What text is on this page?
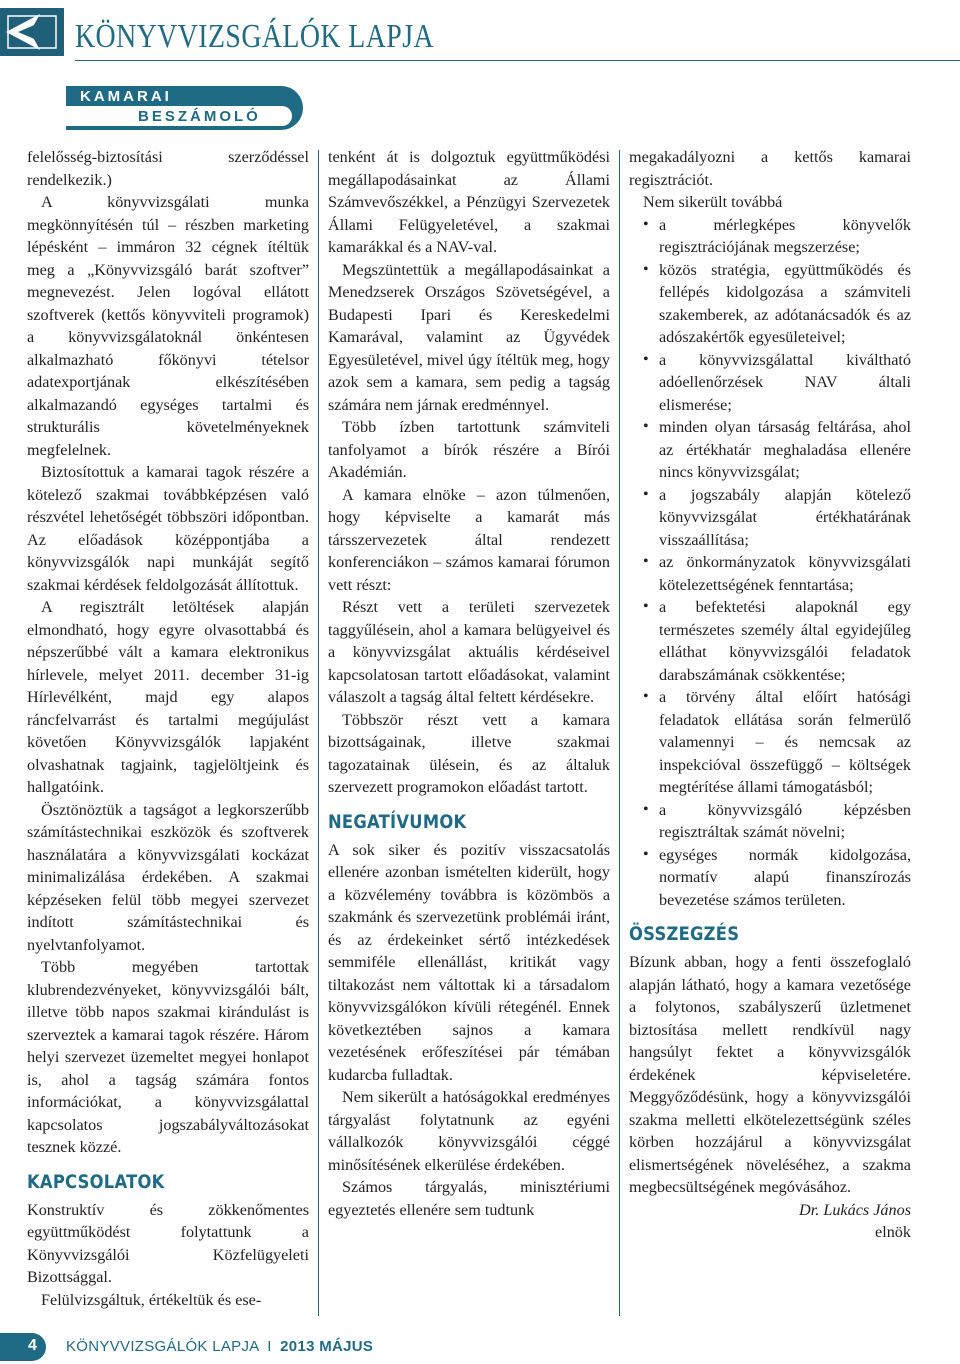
KÖNYVVIZSGÁLÓK LAPJA
KAMARAI
BESZÁMOLÓ

felelősség-biztosítási szerződéssel rendelkezik.)

A könyvvizsgálati munka megkönnyítésén túl – részben marketing lépésként – immáron 32 cégnek ítéltük meg a „Könyvvizsgáló barát szoftver” megnevezést. Jelen logóval ellátott szoftverek (kettős könyvviteli programok) a könyvvizsgálatoknál önkéntesen alkalmazható főkönyvi tételsor adatexportjának elkészítésében alkalmazandó egységes tartalmi és strukturális követelményeknek megfelelnek.

Biztosítottuk a kamarai tagok részére a kötelező szakmai továbbképzésen való részvétel lehetőségét többszöri időpontban. Az előadások középpontjába a könyvvizsgálók napi munkáját segítő szakmai kérdések feldolgozását állítottuk.

A regisztrált letöltések alapján elmondható, hogy egyre olvasottabbá és népszerűbbé vált a kamara elektronikus hírlevele, melyet 2011. december 31-ig Hírlevélként, majd egy alapos ráncfelvarrást és tartalmi megújulást követően Könyvvizsgálók lapjaként olvashatnak tagjaink, tagjelöltjeink és hallgatóink.

Ösztönöztük a tagságot a legkorszerűbb számítástechnikai eszközök és szoftverek használatára a könyvvizsgálati kockázat minimalizálása érdekében. A szakmai képzéseken felül több megyei szervezet indított számítástechnikai és nyelvtanfolyamot.

Több megyében tartottak klubrendezvényeket, könyvvizsgálói bált, illetve több napos szakmai kirándulást is szerveztek a kamarai tagok részére. Három helyi szervezet üzemeltet megyei honlapot is, ahol a tagság számára fontos információkat, a könyvvizsgálattal kapcsolatos jogszabályváltozásokat tesznek közzé.

KAPCSOLATOK

Konstruktív és zökkenőmentes együttműködést folytattunk a Könyvvizsgálói Közfelügyeleti Bizottsággal.

Felülvizsgáltuk, értékeltük és ese-

tenként át is dolgoztuk együttműködési megállapodásainkat az Állami Számvevőszékkel, a Pénzügyi Szervezetek Állami Felügyeletével, a szakmai kamarákkal és a NAV-val.

Megszüntettük a megállapodásainkat a Menedzserek Országos Szövetségével, a Budapesti Ipari és Kereskedelmi Kamarával, valamint az Ügyvédek Egyesületével, mivel úgy ítéltük meg, hogy azok sem a kamara, sem pedig a tagság számára nem járnak eredménnyel.

Több ízben tartottunk számviteli tanfolyamot a bírók részére a Bírói Akadémián.

A kamara elnöke – azon túlmenően, hogy képviselte a kamarát más társszervezetek által rendezett konferenciákon – számos kamarai fórumon vett részt:

Részt vett a területi szervezetek taggyűlésein, ahol a kamara belügyeivel és a könyvvizsgálat aktuális kérdéseivel kapcsolatosan tartott előadásokat, valamint válaszolt a tagság által feltett kérdésekre.

Többször részt vett a kamara bizottságainak, illetve szakmai tagozatainak ülésein, és az általuk szervezett programokon előadást tartott.

NEGATÍVUMOK

A sok siker és pozitív visszacsatolás ellenére azonban ismételten kiderült, hogy a közvélemény továbbra is közömbös a szakmánk és szervezetünk problémái iránt, és az érdekeinket sértő intézkedések semmiféle ellenállást, kritikát vagy tiltakozást nem váltottak ki a társadalom könyvvizsgálókon kívüli rétegénél. Ennek következtében sajnos a kamara vezetésének erőfeszítései pár témában kudarcba fulladtak.

Nem sikerült a hatóságokkal eredményes tárgyalást folytatnunk az egyéni vállalkozók könyvvizsgálói céggé minősítésének elkerülése érdekében.

Számos tárgyalás, minisztériumi egyeztetés ellenére sem tudtunk

megakadályozni a kettős kamarai regisztrációt.

Nem sikerült továbbá

• a mérlegképes könyvelők regisztrációjának megszerzése;
• közös stratégia, együttműködés és fellépés kidolgozása a számviteli szakemberek, az adótanácsadók és az adószakértők egyesületeivel;
• a könyvvizsgálattal kiváltható adóellenőrzések NAV általi elismerése;
• minden olyan társaság feltárása, ahol az értékhatár meghaladása ellenére nincs könyvvizsgálat;
• a jogszabály alapján kötelező könyvvizsgálat értékhatárának visszaállítása;
• az önkormányzatok könyvvizsgálati kötelezettségének fenntartása;
• a befektetési alapoknál egy természetes személy által egyidejűleg elláthat könyvvizsgálói feladatok darabszámának csökkentése;
• a törvény által előírt hatósági feladatok ellátása során felmerülő valamennyi – és nemcsak az inspekcióval összefüggő – költségek megtérítése állami támogatásból;
• a könyvvizsgáló képzésben regisztráltak számát növelni;
• egységes normák kidolgozása, normatív alapú finanszírozás bevezetése számos területen.
ÖSSZEGZÉS

Bízunk abban, hogy a fenti összefoglaló alapján látható, hogy a kamara vezetősége a folytonos, szabályszerű üzletmenet biztosítása mellett rendkívül nagy hangsúlyt fektet a könyvvizsgálók érdekének képviseletére. Meggyőződésünk, hogy a könyvvizsgálói szakma melletti elkötelezettségünk széles körben hozzájárul a könyvvizsgálat elismertségének növeléséhez, a szakma megbecsültségének megóvásához.

Dr. Lukács János

elnök

4 KÖNYVVIZSGÁLÓK LAPJA I 2013 MÁJUS
